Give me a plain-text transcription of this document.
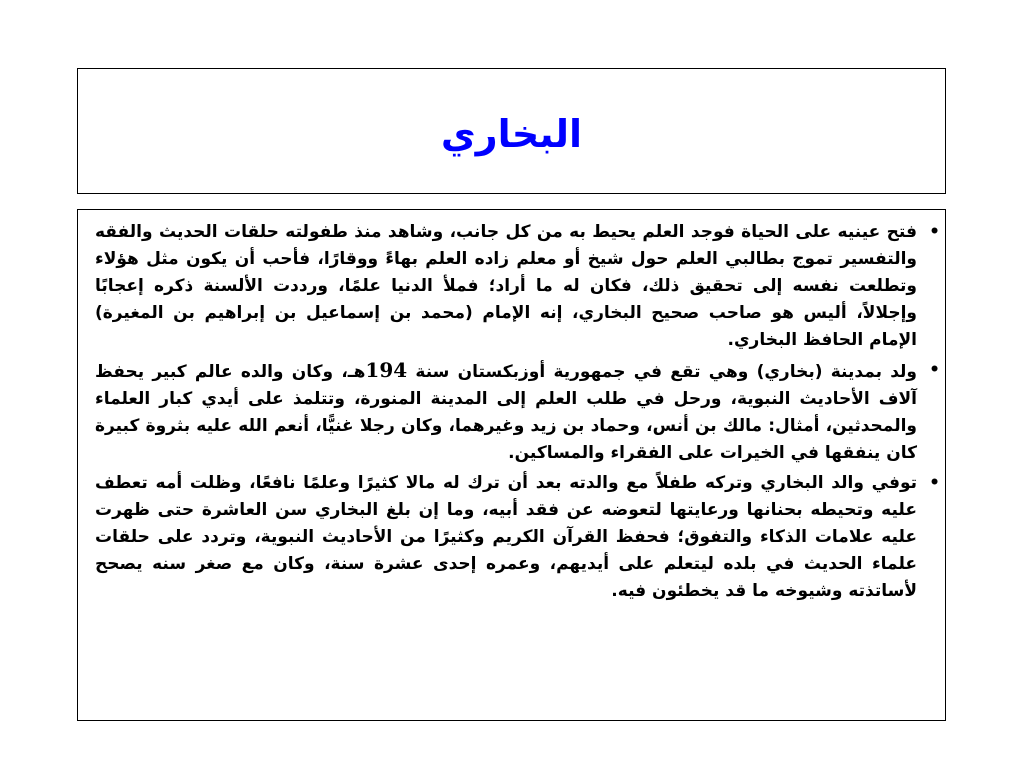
البخاري
•
فتح عينيه على الحياة فوجد العلم يحيط به من كل جانب، وشاهد منذ طفولته حلقات الحديث والفقه والتفسير تموج بطالبي العلم حول شيخ أو معلم زاده العلم بهاءً ووقارًا، فأحب أن يكون مثل هؤلاء وتطلعت نفسه إلى تحقيق ذلك، فكان له ما أراد؛ فملأ الدنيا علمًا، ورددت الألسنة ذكره إعجابًا وإجلالاً، أليس هو صاحب صحيح البخاري، إنه الإمام (محمد بن إسماعيل بن إبراهيم بن المغيرة) الإمام الحافظ البخاري.
•
ولد بمدينة (بخاري) وهي تقع في جمهورية أوزبكستان سنة 194هـ، وكان والده عالم كبير يحفظ آلاف الأحاديث النبوية، ورحل في طلب العلم إلى المدينة المنورة، وتتلمذ على أيدي كبار العلماء والمحدثين، أمثال: مالك بن أنس، وحماد بن زيد وغيرهما، وكان رجلا غنيًّا، أنعم الله عليه بثروة كبيرة كان ينفقها في الخيرات على الفقراء والمساكين.
•
توفي والد البخاري وتركه طفلاً مع والدته بعد أن ترك له مالا كثيرًا وعلمًا نافعًا، وظلت أمه تعطف عليه وتحيطه بحنانها ورعايتها لتعوضه عن فقد أبيه، وما إن بلغ البخاري سن العاشرة حتى ظهرت عليه علامات الذكاء والتفوق؛ فحفظ القرآن الكريم وكثيرًا من الأحاديث النبوية، وتردد على حلقات علماء الحديث في بلده ليتعلم على أيديهم، وعمره إحدى عشرة سنة، وكان مع صغر سنه يصحح لأساتذته وشيوخه ما قد يخطئون فيه.
